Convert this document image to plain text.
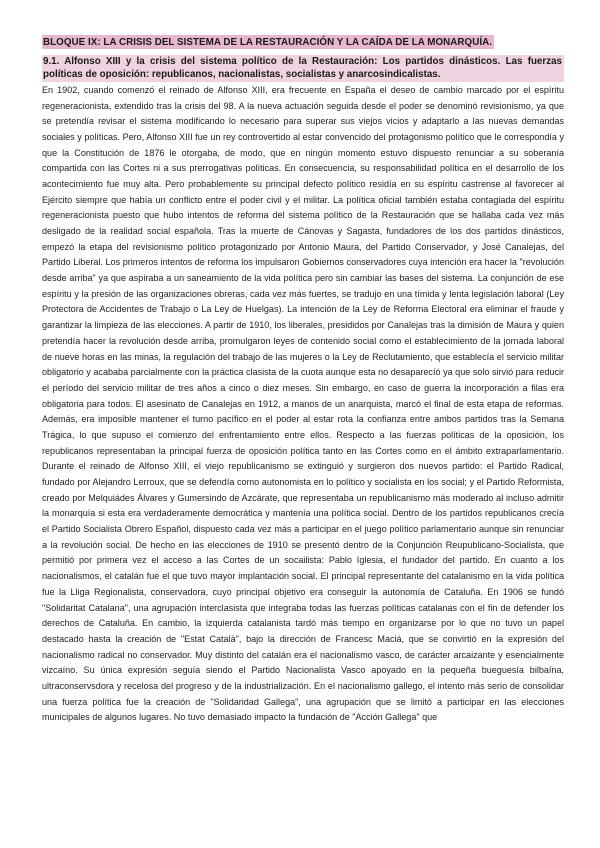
BLOQUE IX: LA CRISIS DEL SISTEMA DE LA RESTAURACIÓN Y LA CAÍDA DE LA MONARQUÍA.
9.1. Alfonso XIII y la crisis del sistema político de la Restauración: Los partidos dinásticos. Las fuerzas políticas de oposición: republicanos, nacionalistas, socialistas y anarcosindicalistas.

En 1902, cuando comenzó el reinado de Alfonso XIII, era frecuente en España el deseo de cambio marcado por el espíritu regeneracionista, extendido tras la crisis del 98. A la nueva actuación seguida desde el poder se denominó revisionismo, ya que se pretendía revisar el sistema modificando lo necesario para superar sus viejos vicios y adaptarlo a las nuevas demandas sociales y políticas. Pero, Alfonso XIII fue un rey controvertido al estar convencido del protagonismo político que le correspondía y que la Constitución de 1876 le otorgaba, de modo, que en ningún momento estuvo dispuesto renunciar a su soberanía compartida con las Cortes ni a sus prerrogativas políticas. En consecuencia, su responsabilidad política en el desarrollo de los acontecimiento fue muy alta. Pero probablemente su principal defecto político residía en su espíritu castrense al favorecer al Ejército siempre que había un conflicto entre el poder civil y el militar. La política oficial también estaba contagiada del espíritu regeneracionista puesto que hubo intentos de reforma del sistema político de la Restauración que se hallaba cada vez más desligado de la realidad social española. Tras la muerte de Cánovas y Sagasta, fundadores de los dos partidos dinásticos, empezó la etapa del revisionismo político protagonizado por Antonio Maura, del Partido Conservador, y José Canalejas, del Partido Liberal. Los primeros intentos de reforma los impulsaron Gobiernos conservadores cuya intención era hacer la "revolución desde arriba" ya que aspiraba a un saneamiento de la vida política pero sin cambiar las bases del sistema. La conjunción de ese espíritu y la presión de las organizaciones obreras, cada vez más fuertes, se tradujo en una tímida y lenta legislación laboral (Ley Protectora de Accidentes de Trabajo o La Ley de Huelgas). La intención de la Ley de Reforma Electoral era eliminar el fraude y garantizar la limpieza de las elecciones. A partir de 1910, los liberales, presididos por Canalejas tras la dimisión de Maura y quien pretendía hacer la revolución desde arriba, promulgaron leyes de contenido social como el establecimiento de la jornada laboral de nueve horas en las minas, la regulación del trabajo de las mujeres o la Ley de Reclutamiento, que establecía el servicio militar obligatorio y acababa parcialmente con la práctica clasista de la cuota aunque esta no desaparecíó ya que solo sirvió para reducir el período del servicio militar de tres años a cinco o diez meses. Sin embargo, en caso de guerra la incorporación a filas era obligatoria para todos. El asesinato de Canalejas en 1912, a manos de un anarquista, marcó el final de esta etapa de reformas. Además, era imposible mantener el turno pacífico en el poder al estar rota la confianza entre ambos partidos tras la Semana Trágica, lo que supuso el comienzo del enfrentamiento entre ellos. Respecto a las fuerzas políticas de la oposición, los republicanos representaban la principal fuerza de oposición política tanto en las Cortes como en el ámbito extraparlamentario. Durante el reinado de Alfonso XIII, el viejo republicanismo se extinguió y surgieron dos nuevos partido: el Partido Radical, fundado por Alejandro Lerroux, que se defendía como autonomista en lo político y socialista en los social; y el Partido Reformista, creado por Melquiádes Álvares y Gumersindo de Azcárate, que representaba un republicanismo más moderado al incluso admitir la monarquía si esta era verdaderamente democrática y mantenía una política social. Dentro de los partidos republicanos crecía el Partido Socialista Obrero Español, dispuesto cada vez más a participar en el juego político parlamentario aunque sin renunciar a la revolución social. De hecho en las elecciones de 1910 se presentó dentro de la Conjunción Reupublicano-Socialista, que permitió por primera vez el acceso a las Cortes de un socailista: Pablo Iglesia, el fundador del partido. En cuanto a los nacionalismos, el catalán fue el que tuvo mayor implantación social. El principal representante del catalanismo en la vida política fue la Lliga Regionalista, conservadora, cuyo principal objetivo era conseguir la autonomía de Cataluña. En 1906 se fundó "Solidaritat Catalana", una agrupación interclasista que integraba todas las fuerzas políticas catalanas con el fin de defender los derechos de Cataluña. En cambio, la izquierda catalanista tardó más tiempo en organizarse por lo que no tuvo un papel destacado hasta la creación de "Estat Català", bajo la dirección de Francesc Maciá, que se convirtió en la expresión del nacionalismo radical no conservador. Muy distinto del catalán era el nacionalismo vasco, de carácter arcaizante y esencialmente vizcaíno. Su única expresión seguía siendo el Partido Nacionalista Vasco apoyado en la pequeña bueguesía bilbaína, ultraconservsdora y recelosa del progreso y de la industrialización. En el nacionalismo gallego, el intento más serio de consolidar una fuerza política fue la creación de "Solidaridad Gallega", una agrupación que se limitó a participar en las elecciones municipales de algunos lugares. No tuvo demasiado impacto la fundación de "Acción Gallega" que
